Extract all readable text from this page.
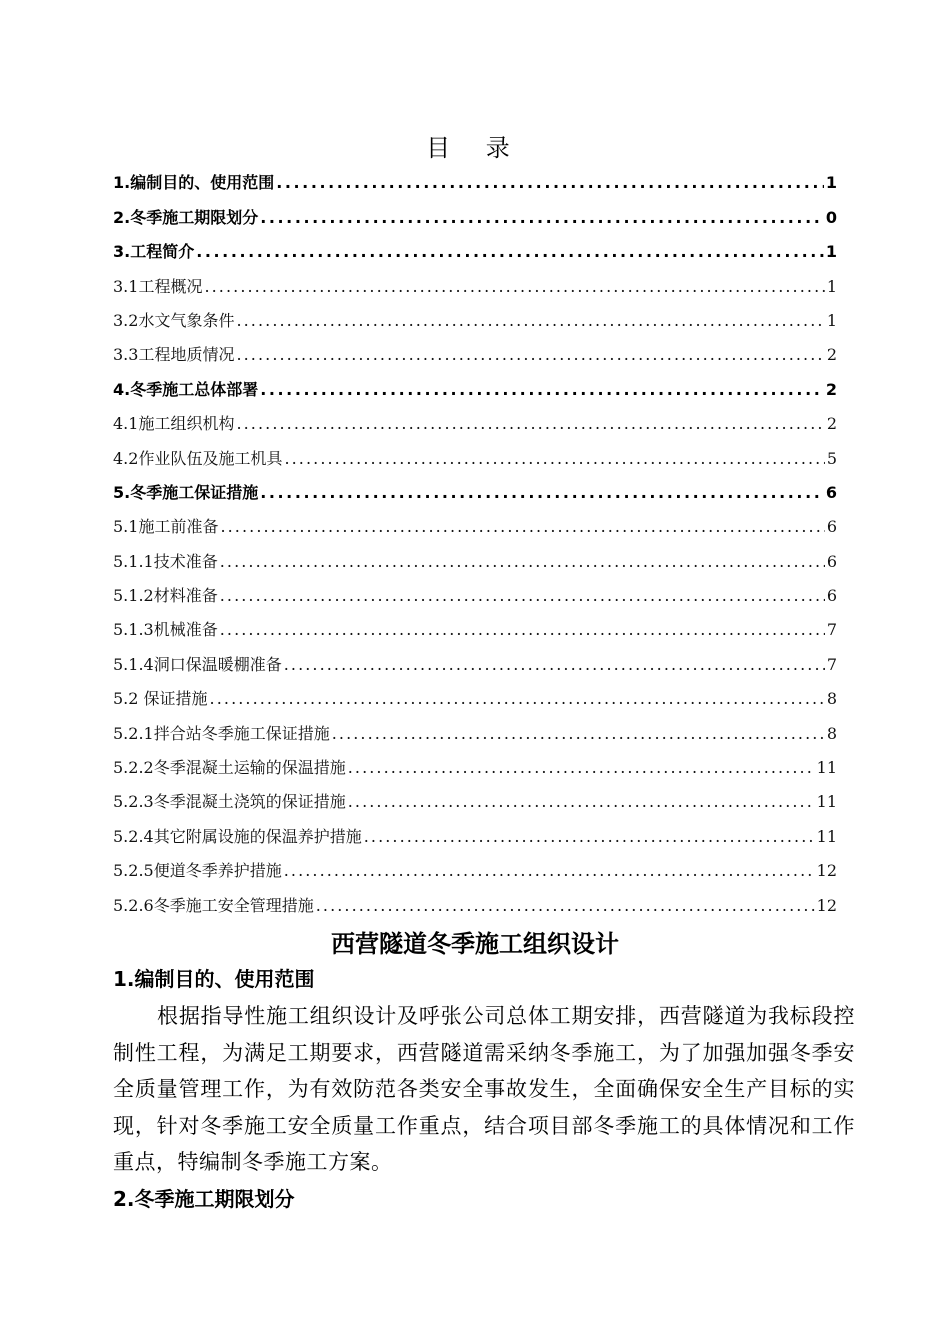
目 录
1.编制目的、使用范围 . . .	1
2.冬季施工期限划分 . . .	0
3.工程简介 . . .	1
3.1工程概况 . . .	1
3.2水文气象条件 . . .	1
3.3工程地质情况 . . .	2
4.冬季施工总体部署 . . .	2
4.1施工组织机构 . . .	2
4.2作业队伍及施工机具 . . .	5
5.冬季施工保证措施 . . .	6
5.1施工前准备 . . .	6
5.1.1技术准备 . . .	6
5.1.2材料准备 . . .	6
5.1.3机械准备 . . .	7
5.1.4洞口保温暖棚准备 . . .	7
5.2 保证措施 . . .	8
5.2.1拌合站冬季施工保证措施 . . .	8
5.2.2冬季混凝土运输的保温措施 . . .	11
5.2.3冬季混凝土浇筑的保证措施 . . .	11
5.2.4其它附属设施的保温养护措施 . . .	11
5.2.5便道冬季养护措施 . . .	12
5.2.6冬季施工安全管理措施 . . .	12
西营隧道冬季施工组织设计
1.编制目的、使用范围

根据指导性施工组织设计及呼张公司总体工期安排，西营隧道为我标段控制性工程，为满足工期要求，西营隧道需采纳冬季施工，为了加强加强冬季安全质量管理工作，为有效防范各类安全事故发生，全面确保安全生产目标的实现，针对冬季施工安全质量工作重点，结合项目部冬季施工的具体情况和工作重点，特编制冬季施工方案。

2.冬季施工期限划分
